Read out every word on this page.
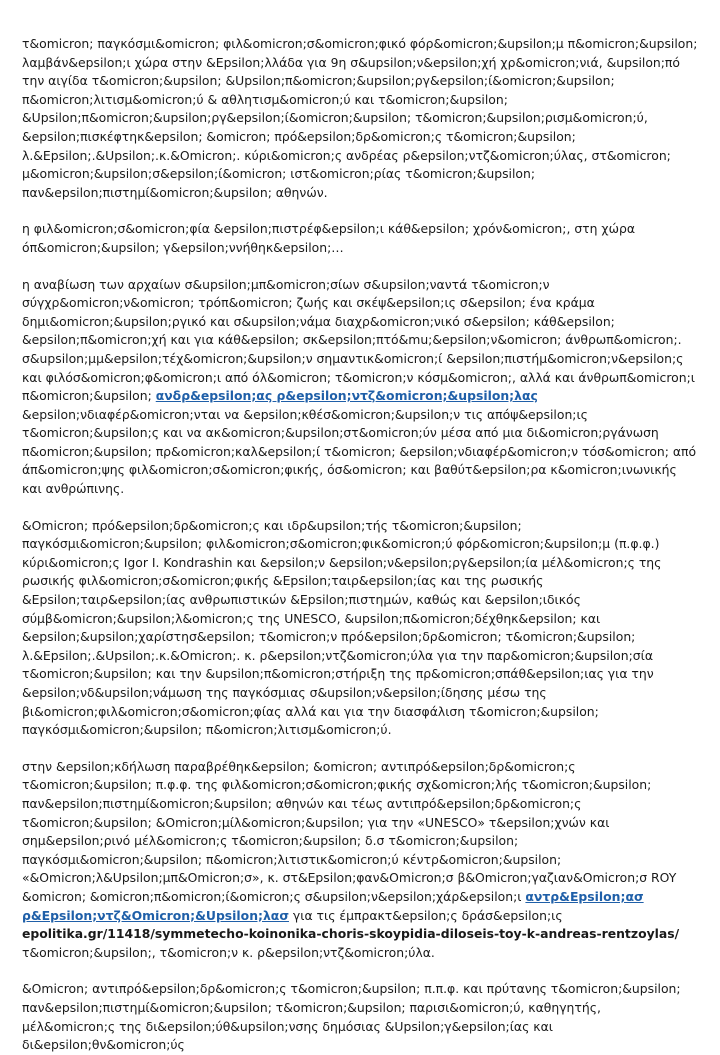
τ&omicron; παγκόσμι&omicron; φιλ&omicron;σ&omicron;φικό φόρ&omicron;&upsilon;μ π&omicron;&upsilon; λαμβάν&epsilon;ι χώρα στην &Epsilon;λλάδα για 9η σ&upsilon;ν&epsilon;χή χρ&omicron;νιά, &upsilon;πό την αιγίδα τ&omicron;&upsilon; &Upsilon;π&omicron;&upsilon;ργ&epsilon;ί&omicron;&upsilon; π&omicron;λιτισμ&omicron;ύ & αθλητισμ&omicron;ύ και τ&omicron;&upsilon; &Upsilon;π&omicron;&upsilon;ργ&epsilon;ί&omicron;&upsilon; τ&omicron;&upsilon;ρισμ&omicron;ύ, &epsilon;πισκέφτηκ&epsilon; &omicron; πρό&epsilon;δρ&omicron;ς τ&omicron;&upsilon; λ.&Epsilon;.&Upsilon;.κ.&Omicron;. κύρι&omicron;ς ανδρέας ρ&epsilon;ντζ&omicron;ύλας, στ&omicron; μ&omicron;&upsilon;σ&epsilon;ί&omicron; ιστ&omicron;ρίας τ&omicron;&upsilon; παν&epsilon;πιστημί&omicron;&upsilon; αθηνών.

η φιλ&omicron;σ&omicron;φία &epsilon;πιστρέφ&epsilon;ι κάθ&epsilon; χρόν&omicron;, στη χώρα όπ&omicron;&upsilon; γ&epsilon;ννήθηκ&epsilon;…

η αναβίωση των αρχαίων σ&upsilon;μπ&omicron;σίων σ&upsilon;ναντά τ&omicron;ν σύγχρ&omicron;ν&omicron; τρόπ&omicron; ζωής και σκέψ&epsilon;ις σ&epsilon; ένα κράμα δημι&omicron;&upsilon;ργικό και σ&upsilon;νάμα διαχρ&omicron;νικό σ&epsilon; κάθ&epsilon; &epsilon;π&omicron;χή και για κάθ&epsilon; σκ&epsilon;πτό&mu;&epsilon;ν&omicron; άνθρωπ&omicron;. σ&upsilon;μμ&epsilon;τέχ&omicron;&upsilon;ν σημαντικ&omicron;ί &epsilon;πιστήμ&omicron;ν&epsilon;ς και φιλόσ&omicron;φ&omicron;ι από όλ&omicron; τ&omicron;ν κόσμ&omicron;, αλλά και άνθρωπ&omicron;ι π&omicron;&upsilon; ανδρ&epsilon;ας ρ&epsilon;ντζ&omicron;&upsilon;λας &epsilon;νδιαφέρ&omicron;νται να &epsilon;κθέσ&omicron;&upsilon;ν τις απόψ&epsilon;ις τ&omicron;&upsilon;ς και να ακ&omicron;&upsilon;στ&omicron;ύν μέσα από μια δι&omicron;ργάνωση π&omicron;&upsilon; πρ&omicron;καλ&epsilon;ί τ&omicron; &epsilon;νδιαφέρ&omicron;ν τόσ&omicron; από άπ&omicron;ψης φιλ&omicron;σ&omicron;φικής, όσ&omicron; και βαθύτ&epsilon;ρα κ&omicron;ινωνικής και ανθρώπινης.

&Omicron; πρό&epsilon;δρ&omicron;ς και ιδρ&upsilon;τής τ&omicron;&upsilon; παγκόσμι&omicron;&upsilon; φιλ&omicron;σ&omicron;φικ&omicron;ύ φόρ&omicron;&upsilon;μ (π.φ.φ.) κύρι&omicron;ς Igor I. Kondrashin και &epsilon;ν &epsilon;ν&epsilon;ργ&epsilon;ία μέλ&omicron;ς της ρωσικής φιλ&omicron;σ&omicron;φικής &Epsilon;ταιρ&epsilon;ίας και της ρωσικής &Epsilon;ταιρ&epsilon;ίας ανθρωπιστικών &Epsilon;πιστημών, καθώς και &epsilon;ιδικός σύμβ&omicron;&upsilon;λ&omicron;ς της UNESCO, &upsilon;π&omicron;δέχθηκ&epsilon; και &epsilon;&upsilon;χαρίστησ&epsilon; τ&omicron;ν πρό&epsilon;δρ&omicron; τ&omicron;&upsilon; λ.&Epsilon;.&Upsilon;.κ.&Omicron;. κ. ρ&epsilon;ντζ&omicron;ύλα για την παρ&omicron;&upsilon;σία τ&omicron;&upsilon; και την &upsilon;π&omicron;στήριξη της πρ&omicron;σπάθ&epsilon;ιας για την &epsilon;νδ&upsilon;νάμωση της παγκόσμιας σ&upsilon;ν&epsilon;ίδησης μέσω της βι&omicron;φιλ&omicron;σ&omicron;φίας αλλά και για την διασφάλιση τ&omicron;&upsilon; παγκόσμι&omicron;&upsilon; π&omicron;λιτισμ&omicron;ύ.

στην &epsilon;κδήλωση παραβρέθηκ&epsilon; &omicron; αντιπρό&epsilon;δρ&omicron;ς τ&omicron;&upsilon; π.φ.φ. της φιλ&omicron;σ&omicron;φικής σχ&omicron;λής τ&omicron;&upsilon; παν&epsilon;πιστημί&omicron;&upsilon; αθηνών και τέως αντιπρό&epsilon;δρ&omicron;ς τ&omicron;&upsilon; &Omicron;μίλ&omicron;&upsilon; για την «UNESCO» τ&epsilon;χνών και σημ&epsilon;ρινό μέλ&omicron;ς τ&omicron;&upsilon; δ.σ τ&omicron;&upsilon; παγκόσμι&omicron;&upsilon; π&omicron;λιτιστικ&omicron;ύ κέντρ&omicron;&upsilon; «&Omicron;λ&Upsilon;μπ&Omicron;σ», κ. στ&Epsilon;φαν&Omicron;σ β&Omicron;γαζιαν&Omicron;σ ROY &omicron; &omicron;π&omicron;ί&omicron;ς σ&upsilon;ν&epsilon;χάρ&epsilon;ι αντρ&Epsilon;ασ ρ&Epsilon;ντζ&Omicron;&Upsilon;λασ για τις έμπρακτ&epsilon;ς δράσ&epsilon;ις epolitika.gr/11418/symmetecho-koinonika-choris-skoypidia-diloseis-toy-k-andreas-rentzoylas/ τ&omicron;&upsilon;, τ&omicron;ν κ. ρ&epsilon;ντζ&omicron;ύλα.

&Omicron; αντιπρό&epsilon;δρ&omicron;ς τ&omicron;&upsilon; π.π.φ. και πρύτανης τ&omicron;&upsilon; παν&epsilon;πιστημί&omicron;&upsilon; τ&omicron;&upsilon; παρισι&omicron;ύ, καθηγητής, μέλ&omicron;ς της δι&epsilon;ύθ&upsilon;νσης δημόσιας &Upsilon;γ&epsilon;ίας και δι&epsilon;θν&omicron;ύς
